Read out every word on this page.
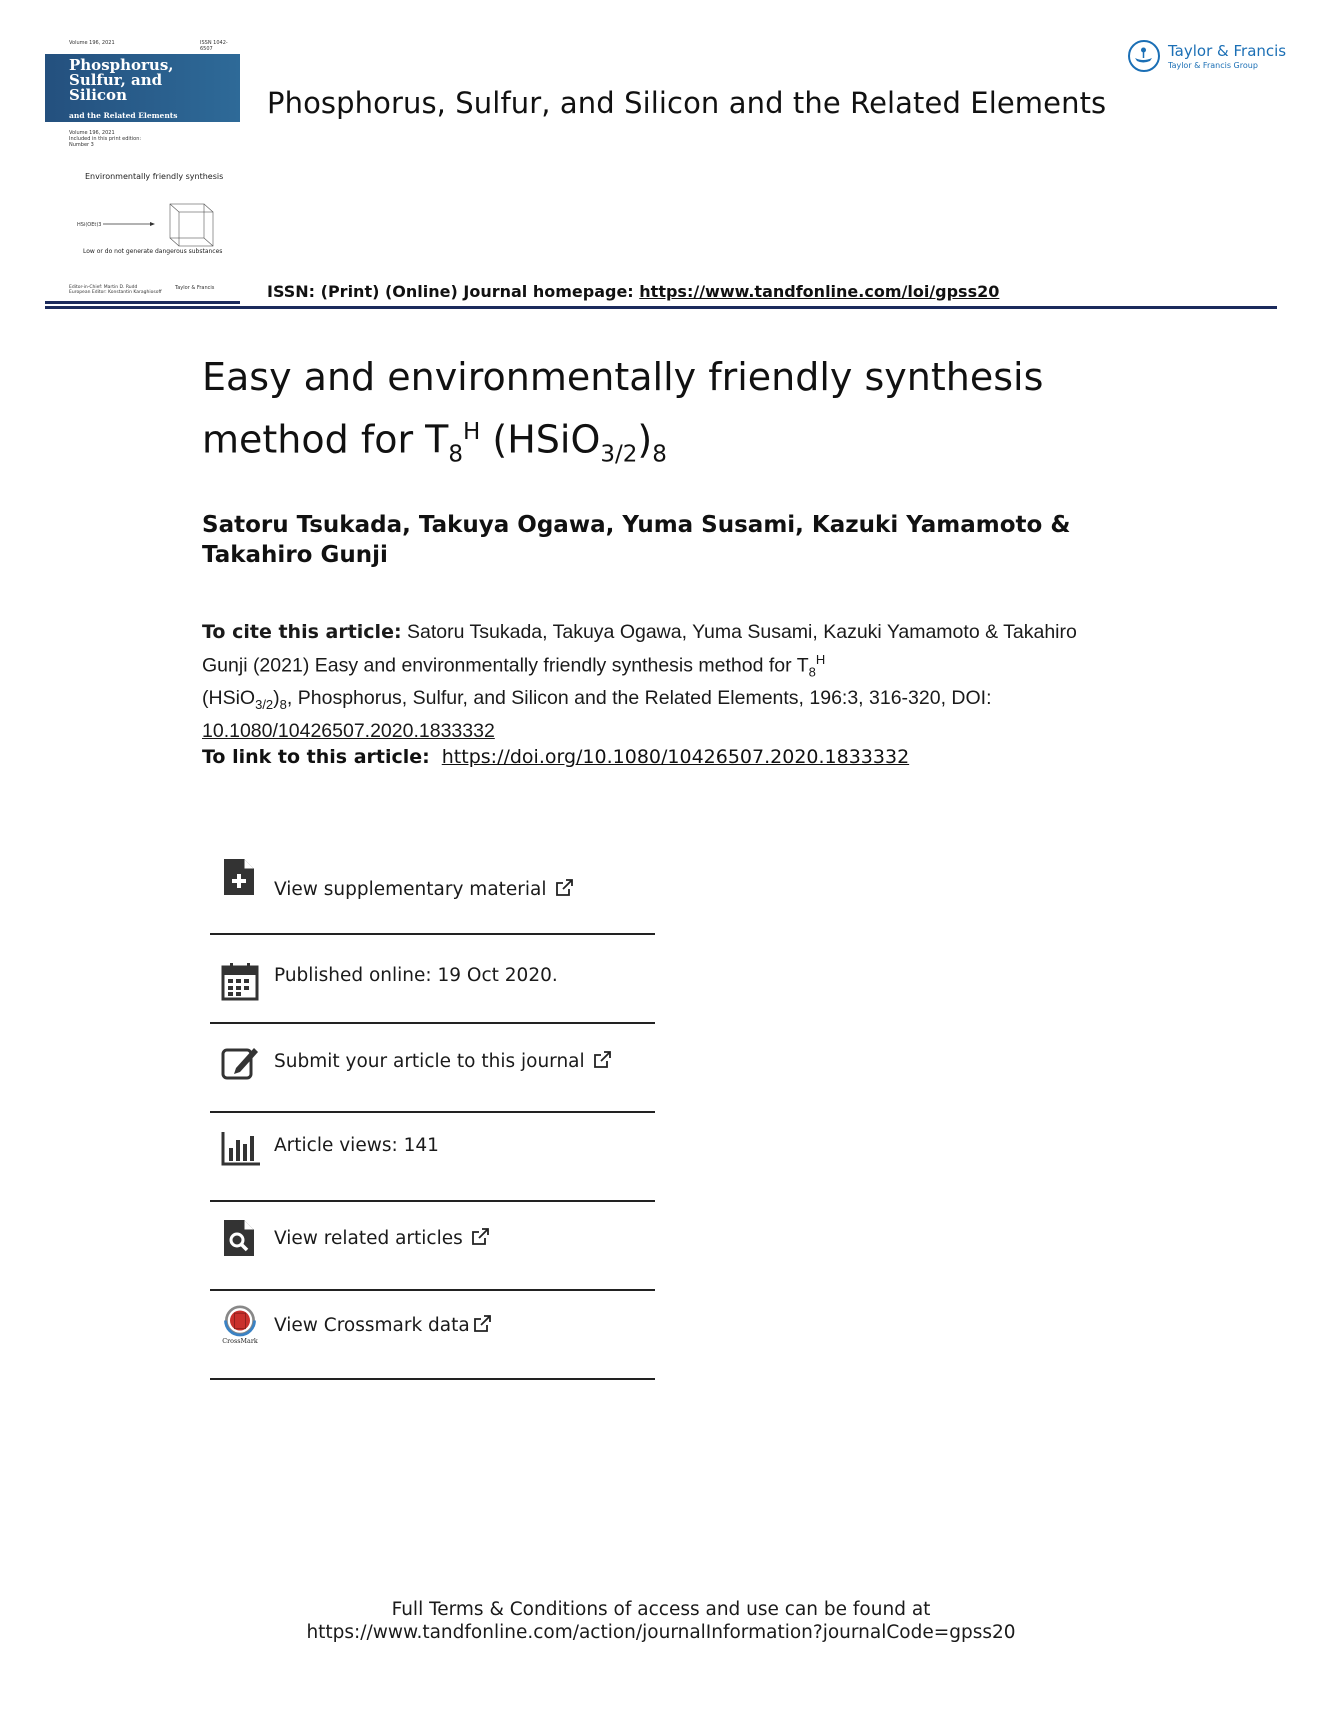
Volume 196, 2021	ISSN 1042-6507
Phosphorus,
Sulfur, and
Silicon
and the Related Elements
Volume 196, 2021
Included in this print edition:
Number 3
Environmentally friendly synthesis
HSi(OEt)3
Low or do not generate dangerous substances
Editor-in-Chief: Martin D. Rudd
European Editor: Konstantin Karaghiosoff
Taylor & Francis
Phosphorus, Sulfur, and Silicon and the Related Elements
ISSN: (Print) (Online) Journal homepage: https://www.tandfonline.com/loi/gpss20
Taylor & Francis
Taylor & Francis Group
Easy and environmentally friendly synthesis
method for $T_8^H$ $(HSiO_{3/2})_8$
Satoru Tsukada, Takuya Ogawa, Yuma Susami, Kazuki Yamamoto & Takahiro Gunji
To cite this article: Satoru Tsukada, Takuya Ogawa, Yuma Susami, Kazuki Yamamoto & Takahiro Gunji (2021) Easy and environmentally friendly synthesis method for $T_8^H$
$(HSiO_{3/2})_8$, Phosphorus, Sulfur, and Silicon and the Related Elements, 196:3, 316-320, DOI:
10.1080/10426507.2020.1833332
To link to this article: https://doi.org/10.1080/10426507.2020.1833332
View supplementary material
Published online: 19 Oct 2020.
Submit your article to this journal
Article views: 141
View related articles
CrossMark
View Crossmark data
Full Terms & Conditions of access and use can be found at
https://www.tandfonline.com/action/journalInformation?journalCode=gpss20
